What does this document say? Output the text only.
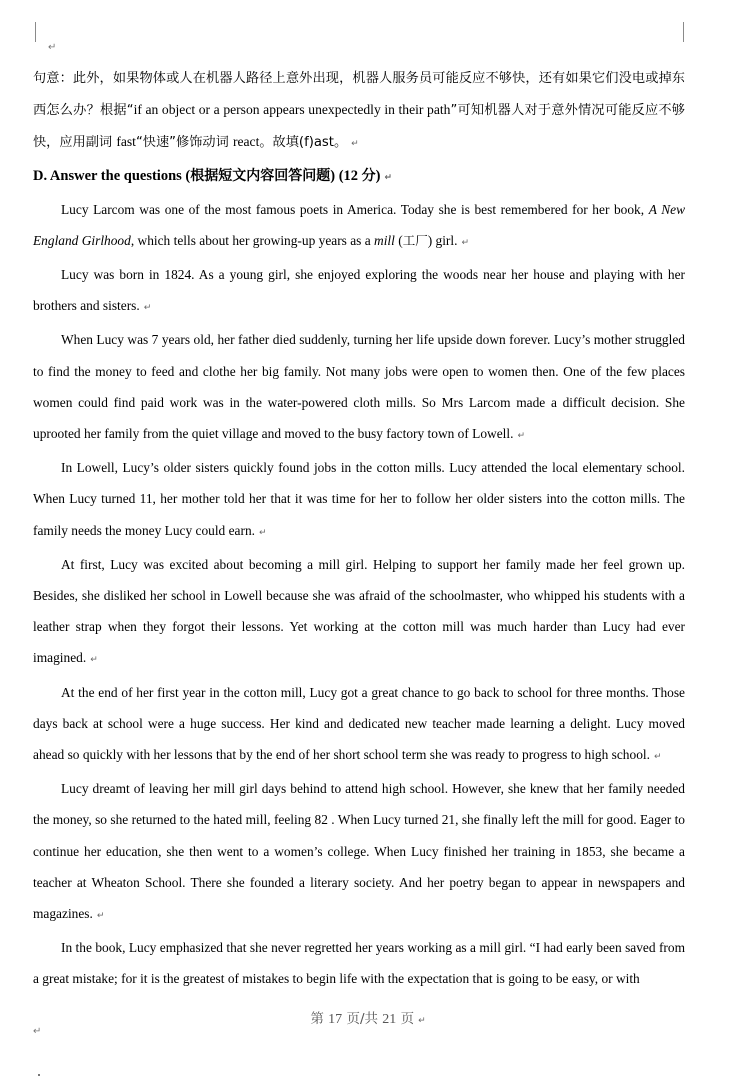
↵

句意：此外，如果物体或人在机器人路径上意外出现，机器人服务员可能反应不够快，还有如果它们没电或掉东西怎么办？根据“if an object or a person appears unexpectedly in their path”可知机器人对于意外情况可能反应不够快，应用副词 fast“快速”修饰动词 react。故填(f)ast。 ↵

D. Answer the questions (根据短文内容回答问题) (12 分) ↵

Lucy Larcom was one of the most famous poets in America. Today she is best remembered for her book, A New England Girlhood, which tells about her growing-up years as a mill (工厂) girl. ↵

Lucy was born in 1824. As a young girl, she enjoyed exploring the woods near her house and playing with her brothers and sisters. ↵

When Lucy was 7 years old, her father died suddenly, turning her life upside down forever. Lucy’s mother struggled to find the money to feed and clothe her big family. Not many jobs were open to women then. One of the few places women could find paid work was in the water-powered cloth mills. So Mrs Larcom made a difficult decision. She uprooted her family from the quiet village and moved to the busy factory town of Lowell. ↵

In Lowell, Lucy’s older sisters quickly found jobs in the cotton mills. Lucy attended the local elementary school. When Lucy turned 11, her mother told her that it was time for her to follow her older sisters into the cotton mills. The family needs the money Lucy could earn. ↵

At first, Lucy was excited about becoming a mill girl. Helping to support her family made her feel grown up. Besides, she disliked her school in Lowell because she was afraid of the schoolmaster, who whipped his students with a leather strap when they forgot their lessons. Yet working at the cotton mill was much harder than Lucy had ever imagined. ↵

At the end of her first year in the cotton mill, Lucy got a great chance to go back to school for three months. Those days back at school were a huge success. Her kind and dedicated new teacher made learning a delight. Lucy moved ahead so quickly with her lessons that by the end of her short school term she was ready to progress to high school. ↵

Lucy dreamt of leaving her mill girl days behind to attend high school. However, she knew that her family needed the money, so she returned to the hated mill, feeling 82 . When Lucy turned 21, she finally left the mill for good. Eager to continue her education, she then went to a women’s college. When Lucy finished her training in 1853, she became a teacher at Wheaton School. There she founded a literary society. And her poetry began to appear in newspapers and magazines. ↵

In the book, Lucy emphasized that she never regretted her years working as a mill girl. “I had early been saved from a great mistake; for it is the greatest of mistakes to begin life with the expectation that is going to be easy, or with

第 17 页/共 21 页 ↵
↵
